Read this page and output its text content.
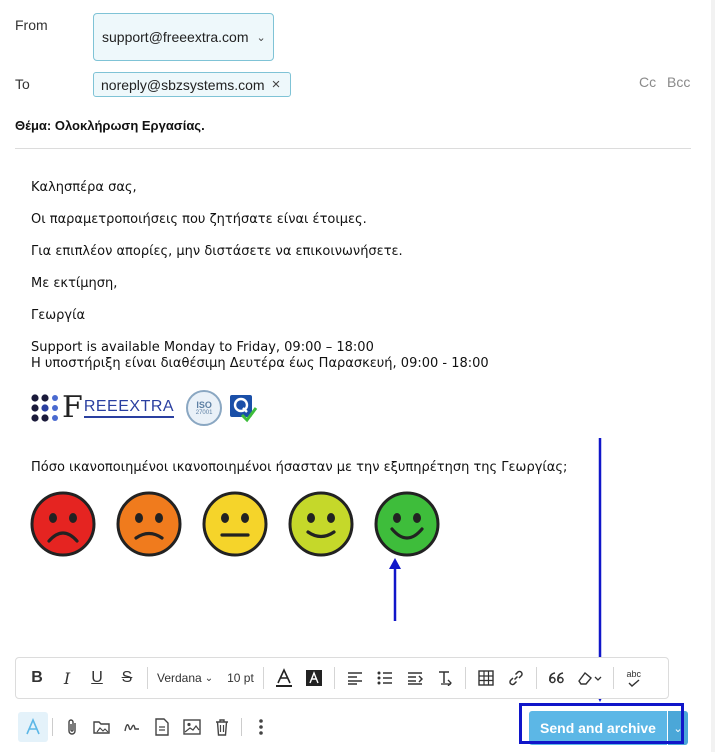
From
support@freeextra.com ⌄
To	noreply@sbzsystems.com ×	Cc Bcc
Θέμα: Ολοκλήρωση Εργασίας.
Καλησπέρα σας,
Οι παραμετροποιήσεις που ζητήσατε είναι έτοιμες.
Για επιπλέον απορίες, μην διστάσετε να επικοινωνήσετε.
Με εκτίμηση,
Γεωργία
Support is available Monday to Friday, 09:00 – 18:00
Η υποστήριξη είναι διαθέσιμη Δευτέρα έως Παρασκευή, 09:00 - 18:00
F REEEXTRA ISO
27001
Πόσο ικανοποιημένοι ικανοποιημένοι ήσασταν με την εξυπηρέτηση της Γεωργίας;
B	I	U	S	Verdana ⌄	10 pt	abc
Send and archive	⌄
